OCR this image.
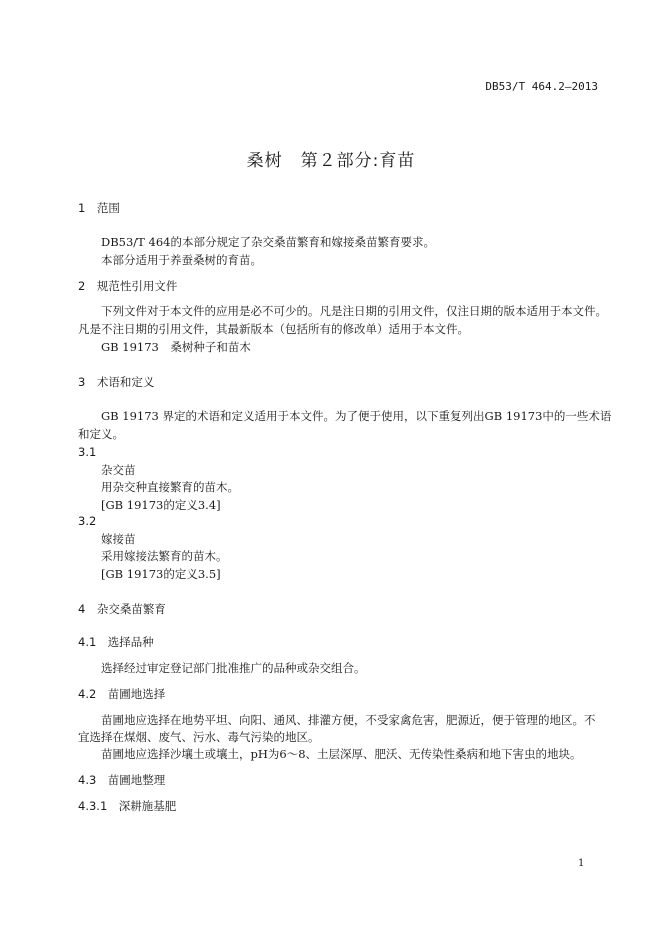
DB53/T 464.2—2013
桑树　第２部分:育苗
1　范围
DB53/T 464的本部分规定了杂交桑苗繁育和嫁接桑苗繁育要求。
本部分适用于养蚕桑树的育苗。
2　规范性引用文件
下列文件对于本文件的应用是必不可少的。凡是注日期的引用文件，仅注日期的版本适用于本文件。
凡是不注日期的引用文件，其最新版本（包括所有的修改单）适用于本文件。
GB 19173　桑树种子和苗木
3　术语和定义
GB 19173 界定的术语和定义适用于本文件。为了便于使用，以下重复列出GB 19173中的一些术语
和定义。
3.1
杂交苗
用杂交种直接繁育的苗木。
[GB 19173的定义3.4]
3.2
嫁接苗
采用嫁接法繁育的苗木。
[GB 19173的定义3.5]
4　杂交桑苗繁育
4.1　选择品种
选择经过审定登记部门批准推广的品种或杂交组合。
4.2　苗圃地选择
苗圃地应选择在地势平坦、向阳、通风、排灌方便，不受家禽危害，肥源近，便于管理的地区。不
宜选择在煤烟、废气、污水、毒气污染的地区。
苗圃地应选择沙壤土或壤土，pH为6～8、土层深厚、肥沃、无传染性桑病和地下害虫的地块。
4.3　苗圃地整理
4.3.1　深耕施基肥
1
